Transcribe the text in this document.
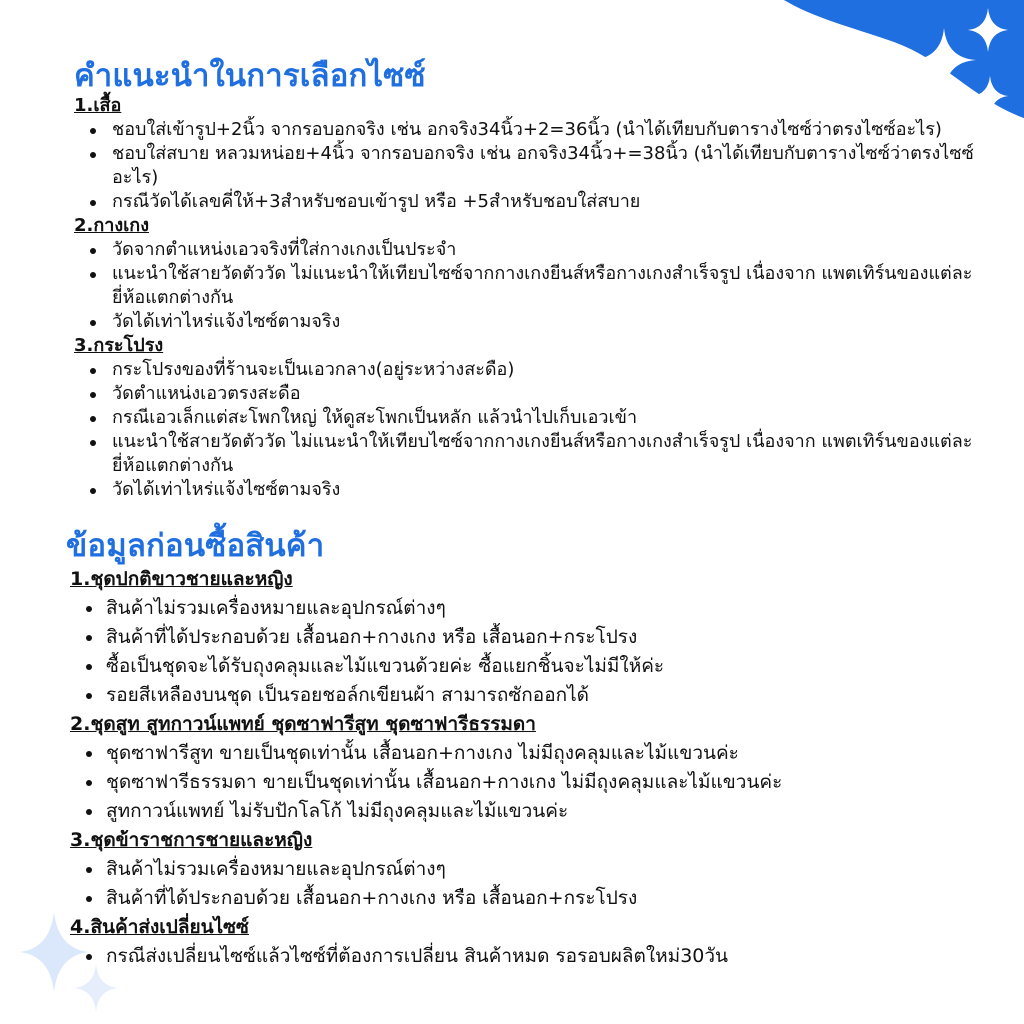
คำแนะนำในการเลือกไซซ์
1.เสื้อ
ชอบใส่เข้ารูป+2นิ้ว จากรอบอกจริง เช่น อกจริง34นิ้ว+2=36นิ้ว (นำได้เทียบกับตารางไซซ์ว่าตรงไซซ์อะไร)
ชอบใส่สบาย หลวมหน่อย+4นิ้ว จากรอบอกจริง เช่น อกจริง34นิ้ว+=38นิ้ว (นำได้เทียบกับตารางไซซ์ว่าตรงไซซ์อะไร)
กรณีวัดได้เลขคี่ให้+3สำหรับชอบเข้ารูป หรือ +5สำหรับชอบใส่สบาย
2.กางเกง
วัดจากตำแหน่งเอวจริงที่ใส่กางเกงเป็นประจำ
แนะนำใช้สายวัดตัววัด ไม่แนะนำให้เทียบไซซ์จากกางเกงยีนส์หรือกางเกงสำเร็จรูป เนื่องจาก แพตเทิร์นของแต่ละยี่ห้อแตกต่างกัน
วัดได้เท่าไหร่แจ้งไซซ์ตามจริง
3.กระโปรง
กระโปรงของที่ร้านจะเป็นเอวกลาง(อยู่ระหว่างสะดือ)
วัดตำแหน่งเอวตรงสะดือ
กรณีเอวเล็กแต่สะโพกใหญ่ ให้ดูสะโพกเป็นหลัก แล้วนำไปเก็บเอวเข้า
แนะนำใช้สายวัดตัววัด ไม่แนะนำให้เทียบไซซ์จากกางเกงยีนส์หรือกางเกงสำเร็จรูป เนื่องจาก แพตเทิร์นของแต่ละยี่ห้อแตกต่างกัน
วัดได้เท่าไหร่แจ้งไซซ์ตามจริง
ข้อมูลก่อนซื้อสินค้า
1.ชุดปกติขาวชายและหญิง
สินค้าไม่รวมเครื่องหมายและอุปกรณ์ต่างๆ
สินค้าที่ได้ประกอบด้วย เสื้อนอก+กางเกง หรือ เสื้อนอก+กระโปรง
ซื้อเป็นชุดจะได้รับถุงคลุมและไม้แขวนด้วยค่ะ ซื้อแยกชิ้นจะไม่มีให้ค่ะ
รอยสีเหลืองบนชุด เป็นรอยชอล์กเขียนผ้า สามารถซักออกได้
2.ชุดสูท สูทกาวน์แพทย์ ชุดซาฟารีสูท ชุดซาฟารีธรรมดา
ชุดซาฟารีสูท ขายเป็นชุดเท่านั้น เสื้อนอก+กางเกง ไม่มีถุงคลุมและไม้แขวนค่ะ
ชุดซาฟารีธรรมดา ขายเป็นชุดเท่านั้น เสื้อนอก+กางเกง ไม่มีถุงคลุมและไม้แขวนค่ะ
สูทกาวน์แพทย์ ไม่รับปักโลโก้ ไม่มีถุงคลุมและไม้แขวนค่ะ
3.ชุดข้าราชการชายและหญิง
สินค้าไม่รวมเครื่องหมายและอุปกรณ์ต่างๆ
สินค้าที่ได้ประกอบด้วย เสื้อนอก+กางเกง หรือ เสื้อนอก+กระโปรง
4.สินค้าส่งเปลี่ยนไซซ์
กรณีส่งเปลี่ยนไซซ์แล้วไซซ์ที่ต้องการเปลี่ยน สินค้าหมด รอรอบผลิตใหม่30วัน
